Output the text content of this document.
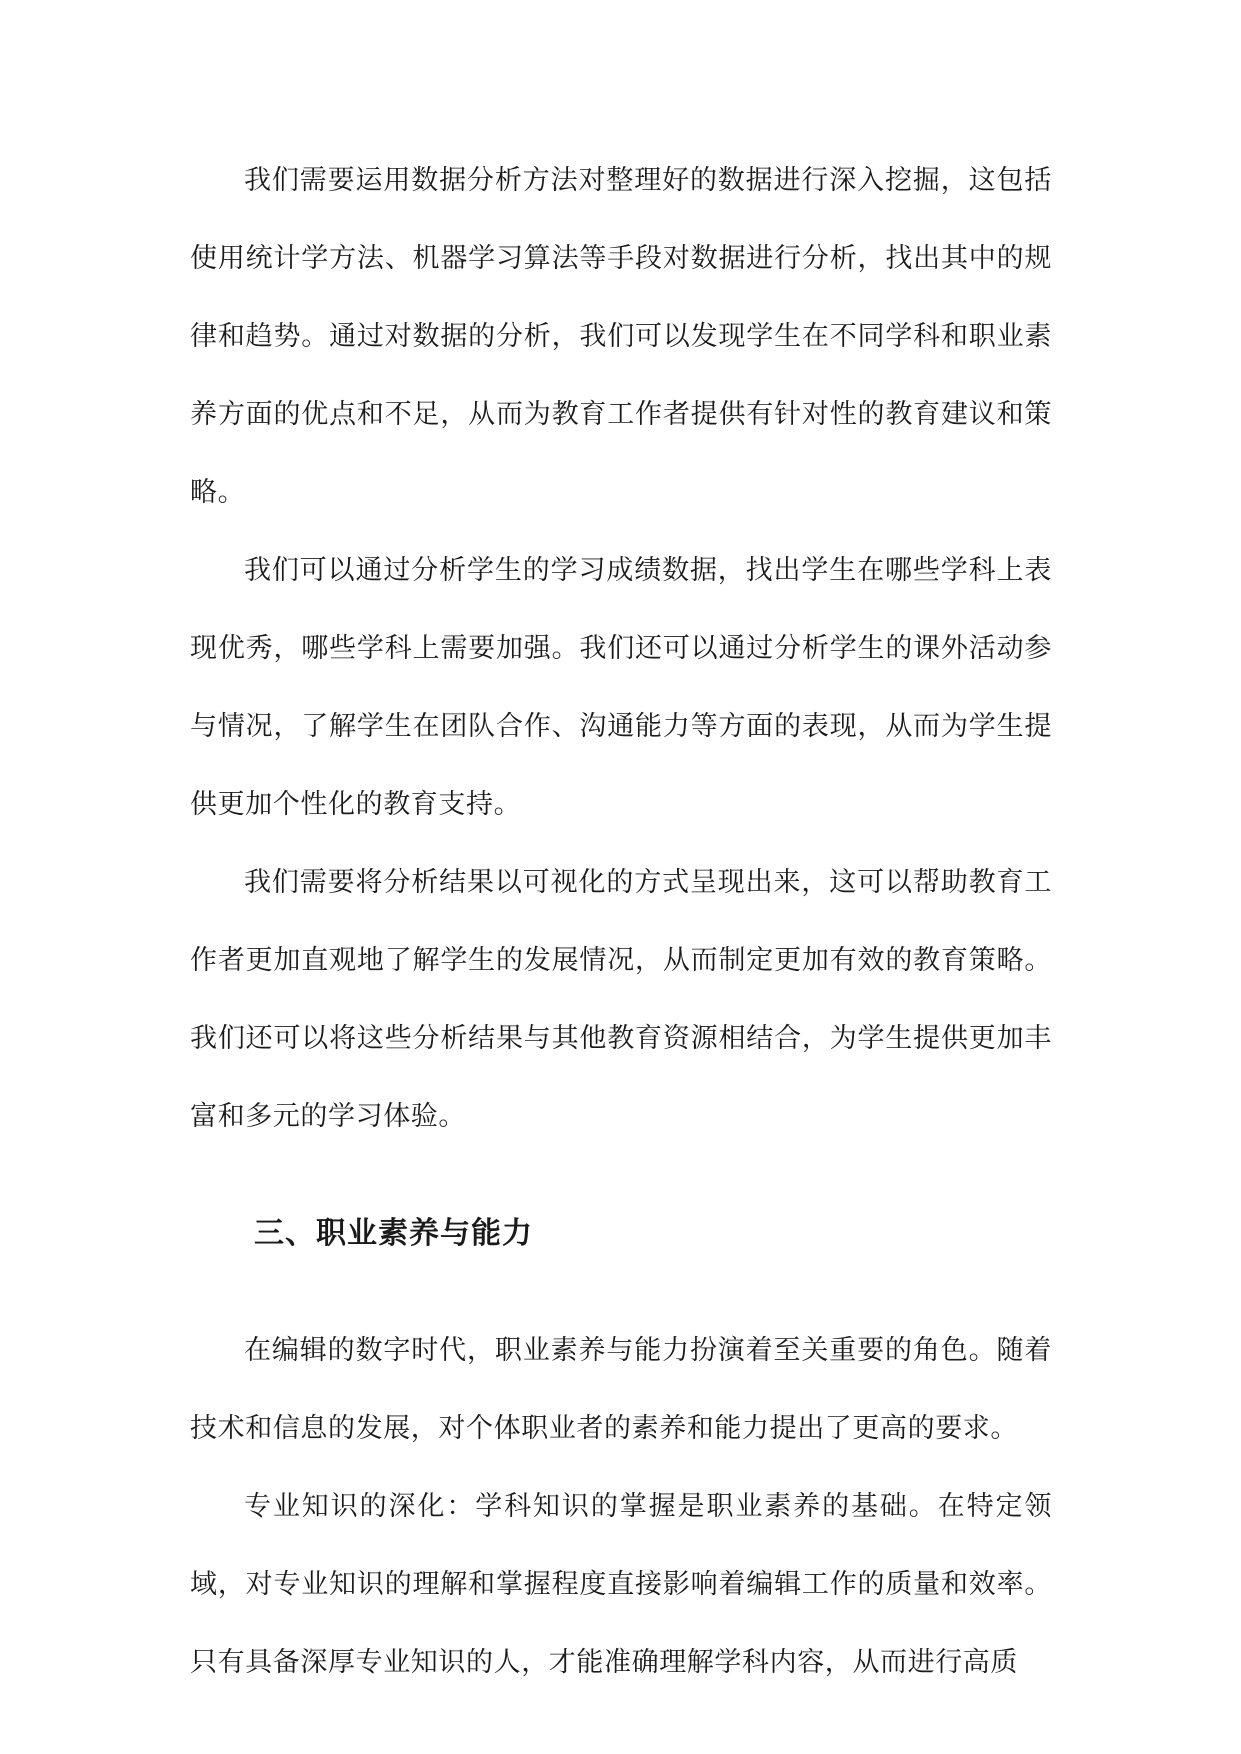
我们需要运用数据分析方法对整理好的数据进行深入挖掘，这包括使用统计学方法、机器学习算法等手段对数据进行分析，找出其中的规律和趋势。通过对数据的分析，我们可以发现学生在不同学科和职业素养方面的优点和不足，从而为教育工作者提供有针对性的教育建议和策略。

我们可以通过分析学生的学习成绩数据，找出学生在哪些学科上表现优秀，哪些学科上需要加强。我们还可以通过分析学生的课外活动参与情况，了解学生在团队合作、沟通能力等方面的表现，从而为学生提供更加个性化的教育支持。

我们需要将分析结果以可视化的方式呈现出来，这可以帮助教育工作者更加直观地了解学生的发展情况，从而制定更加有效的教育策略。我们还可以将这些分析结果与其他教育资源相结合，为学生提供更加丰富和多元的学习体验。

三、职业素养与能力

在编辑的数字时代，职业素养与能力扮演着至关重要的角色。随着技术和信息的发展，对个体职业者的素养和能力提出了更高的要求。

专业知识的深化：学科知识的掌握是职业素养的基础。在特定领域，对专业知识的理解和掌握程度直接影响着编辑工作的质量和效率。只有具备深厚专业知识的人，才能准确理解学科内容，从而进行高质
